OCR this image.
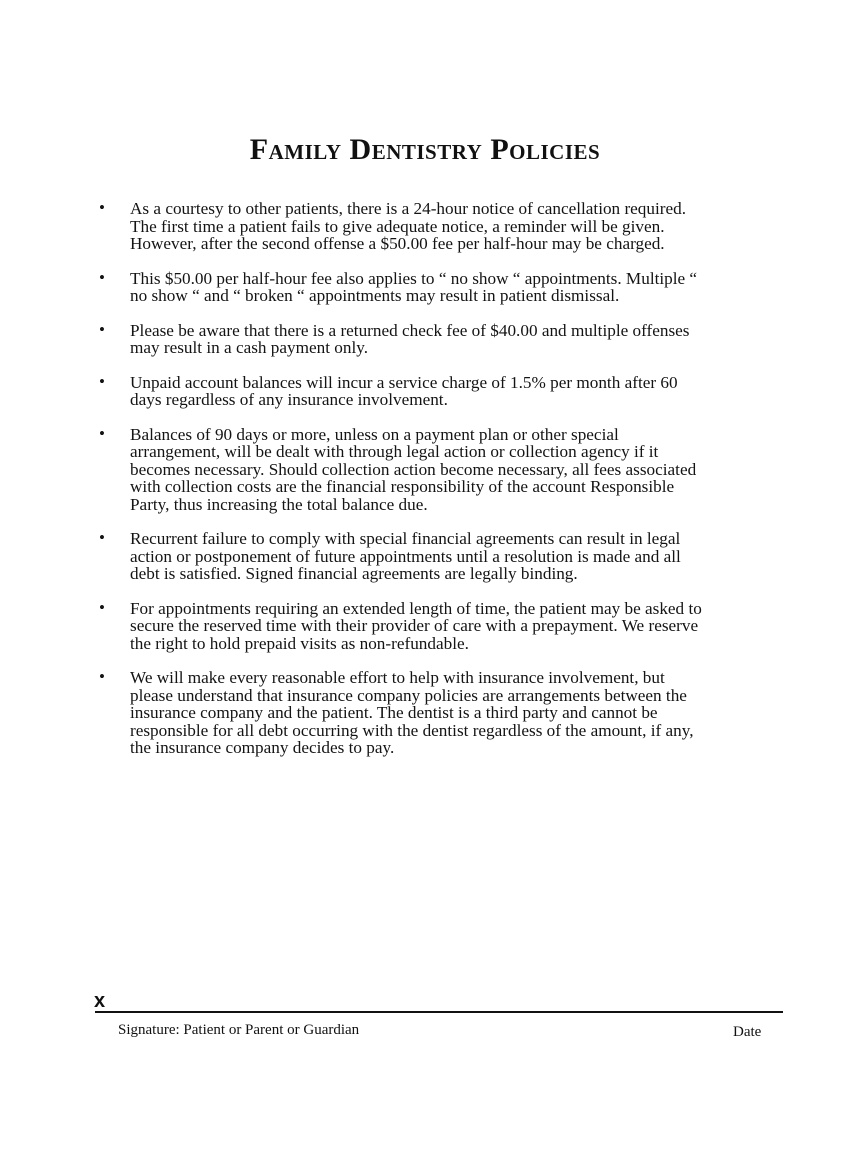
Family Dentistry Policies
• As a courtesy to other patients, there is a 24-hour notice of cancellation required. The first time a patient fails to give adequate notice, a reminder will be given. However, after the second offense a $50.00 fee per half-hour may be charged.
• This $50.00 per half-hour fee also applies to “ no show “ appointments. Multiple “ no show “ and “ broken “ appointments may result in patient dismissal.
• Please be aware that there is a returned check fee of $40.00 and multiple offenses may result in a cash payment only.
• Unpaid account balances will incur a service charge of 1.5% per month after 60 days regardless of any insurance involvement.
• Balances of 90 days or more, unless on a payment plan or other special arrangement, will be dealt with through legal action or collection agency if it becomes necessary. Should collection action become necessary, all fees associated with collection costs are the financial responsibility of the account Responsible Party, thus increasing the total balance due.
• Recurrent failure to comply with special financial agreements can result in legal action or postponement of future appointments until a resolution is made and all debt is satisfied. Signed financial agreements are legally binding.
• For appointments requiring an extended length of time, the patient may be asked to secure the reserved time with their provider of care with a prepayment. We reserve the right to hold prepaid visits as non-refundable.
• We will make every reasonable effort to help with insurance involvement, but please understand that insurance company policies are arrangements between the insurance company and the patient. The dentist is a third party and cannot be responsible for all debt occurring with the dentist regardless of the amount, if any, the insurance company decides to pay.
x
Signature: Patient or Parent or Guardian	Date
